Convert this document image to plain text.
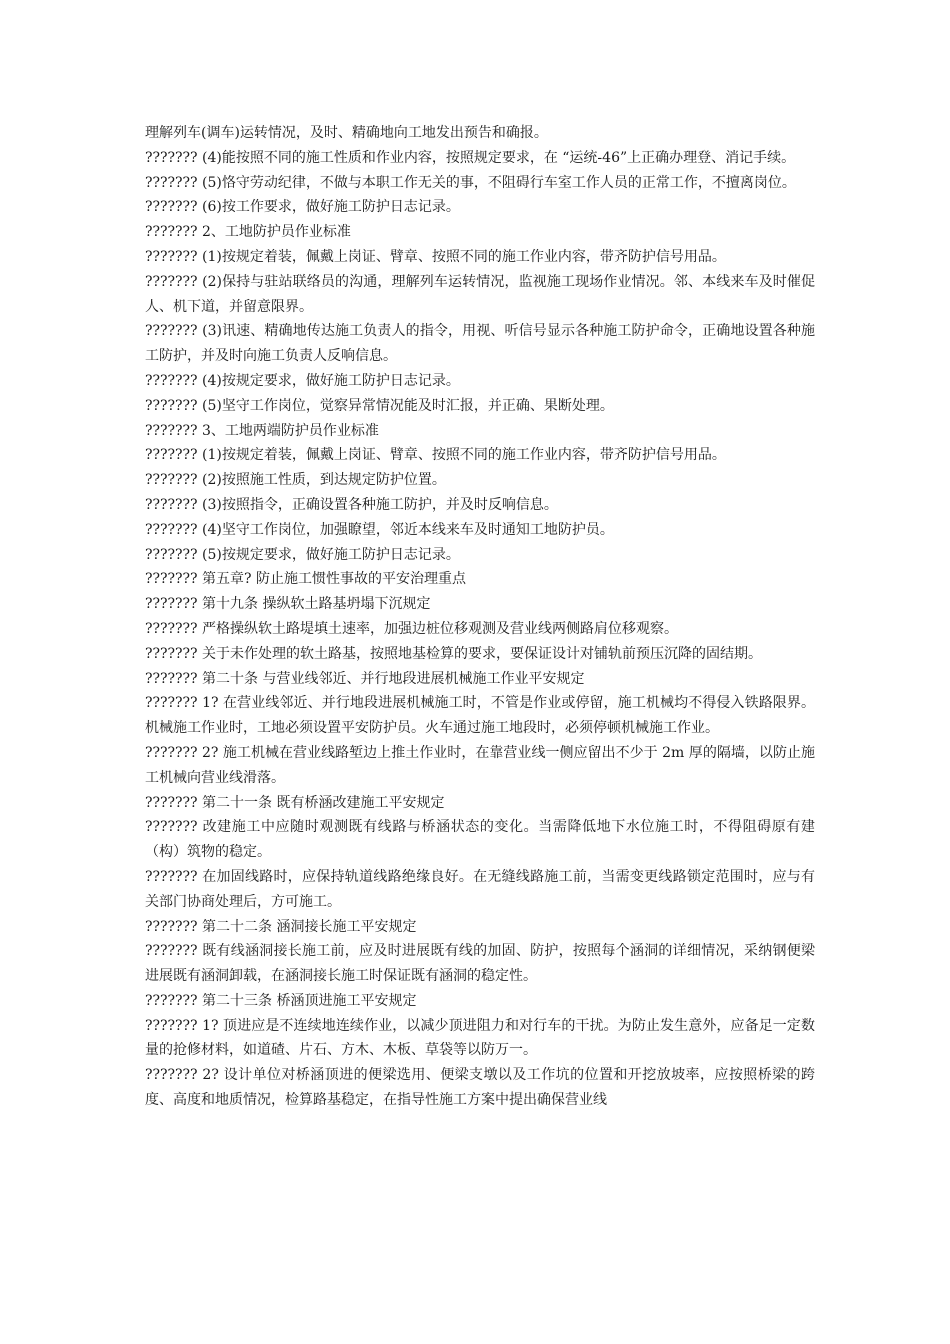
理解列车(调车)运转情况，及时、精确地向工地发出预告和确报。

??????? (4)能按照不同的施工性质和作业内容，按照规定要求，在 “运统-46”上正确办理登、消记手续。

??????? (5)恪守劳动纪律，不做与本职工作无关的事，不阻碍行车室工作人员的正常工作，不擅离岗位。

??????? (6)按工作要求，做好施工防护日志记录。

??????? 2、工地防护员作业标准

??????? (1)按规定着装，佩戴上岗证、臂章、按照不同的施工作业内容，带齐防护信号用品。

??????? (2)保持与驻站联络员的沟通，理解列车运转情况，监视施工现场作业情况。邻、本线来车及时催促人、机下道，并留意限界。

??????? (3)讯速、精确地传达施工负责人的指令，用视、听信号显示各种施工防护命令，正确地设置各种施工防护，并及时向施工负责人反响信息。

??????? (4)按规定要求，做好施工防护日志记录。

??????? (5)坚守工作岗位，觉察异常情况能及时汇报，并正确、果断处理。

??????? 3、工地两端防护员作业标准

??????? (1)按规定着装，佩戴上岗证、臂章、按照不同的施工作业内容，带齐防护信号用品。

??????? (2)按照施工性质，到达规定防护位置。

??????? (3)按照指令，正确设置各种施工防护，并及时反响信息。

??????? (4)坚守工作岗位，加强瞭望，邻近本线来车及时通知工地防护员。

??????? (5)按规定要求，做好施工防护日志记录。

??????? 第五章? 防止施工惯性事故的平安治理重点

??????? 第十九条 操纵软土路基坍塌下沉规定

??????? 严格操纵软土路堤填土速率，加强边桩位移观测及营业线两侧路肩位移观察。

??????? 关于未作处理的软土路基，按照地基检算的要求，要保证设计对铺轨前预压沉降的固结期。

??????? 第二十条 与营业线邻近、并行地段进展机械施工作业平安规定

??????? 1? 在营业线邻近、并行地段进展机械施工时，不管是作业或停留，施工机械均不得侵入铁路限界。机械施工作业时，工地必须设置平安防护员。火车通过施工地段时，必须停顿机械施工作业。

??????? 2? 施工机械在营业线路堑边上推土作业时，在靠营业线一侧应留出不少于 2m 厚的隔墙，以防止施工机械向营业线滑落。

??????? 第二十一条 既有桥涵改建施工平安规定

??????? 改建施工中应随时观测既有线路与桥涵状态的变化。当需降低地下水位施工时，不得阻碍原有建（构）筑物的稳定。

??????? 在加固线路时，应保持轨道线路绝缘良好。在无缝线路施工前，当需变更线路锁定范围时，应与有关部门协商处理后，方可施工。

??????? 第二十二条 涵洞接长施工平安规定

??????? 既有线涵洞接长施工前，应及时进展既有线的加固、防护，按照每个涵洞的详细情况，采纳钢便梁进展既有涵洞卸载，在涵洞接长施工时保证既有涵洞的稳定性。

??????? 第二十三条 桥涵顶进施工平安规定

??????? 1? 顶进应是不连续地连续作业，以减少顶进阻力和对行车的干扰。为防止发生意外，应备足一定数量的抢修材料，如道碴、片石、方木、木板、草袋等以防万一。

??????? 2? 设计单位对桥涵顶进的便梁选用、便梁支墩以及工作坑的位置和开挖放坡率，应按照桥梁的跨度、高度和地质情况，检算路基稳定，在指导性施工方案中提出确保营业线
